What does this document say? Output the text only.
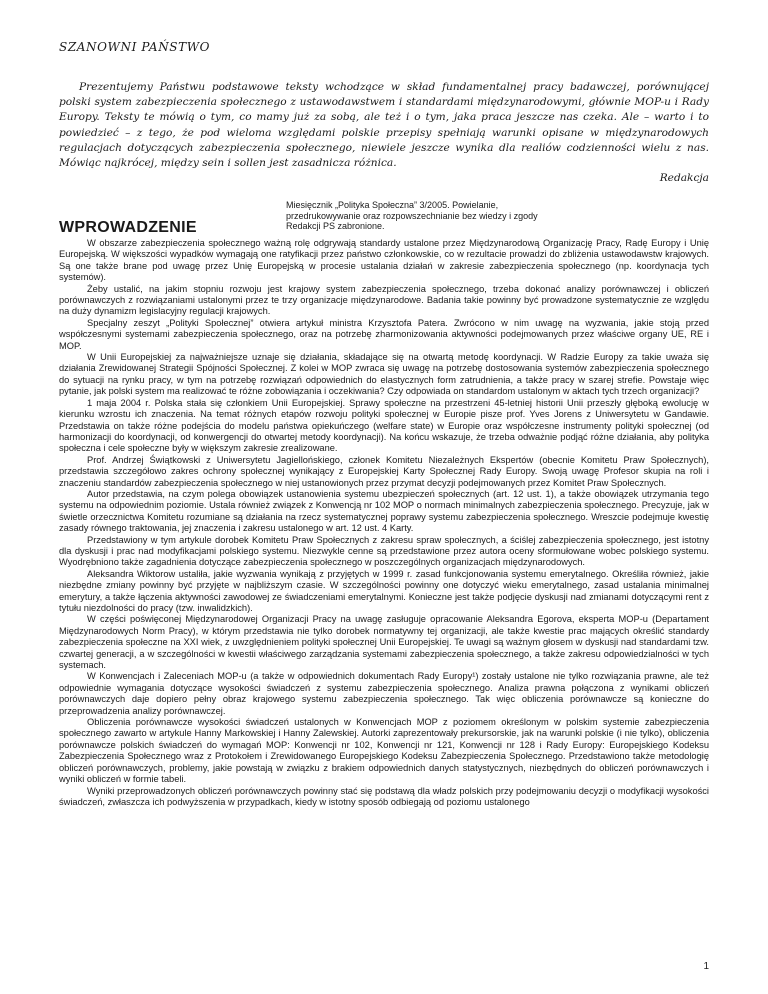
SZANOWNI PAŃSTWO

Prezentujemy Państwu podstawowe teksty wchodzące w skład fundamentalnej pracy badawczej, porównującej polski system zabezpieczenia społecznego z ustawodawstwem i standardami międzynarodowymi, głównie MOP-u i Rady Europy. Teksty te mówią o tym, co mamy już za sobą, ale też i o tym, jaka praca jeszcze nas czeka. Ale – warto i to powiedzieć – z tego, że pod wieloma względami polskie przepisy spełniają warunki opisane w międzynarodowych regulacjach dotyczących zabezpieczenia społecznego, niewiele jeszcze wynika dla realiów codzienności wielu z nas. Mówiąc najkrócej, między sein i sollen jest zasadnicza różnica.

Redakcja
Miesięcznik „Polityka Społeczna” 3/2005. Powielanie, przedrukowywanie oraz rozpowszechnianie bez wiedzy i zgody Redakcji PS zabronione.
WPROWADZENIE

W obszarze zabezpieczenia społecznego ważną rolę odgrywają standardy ustalone przez Międzynarodową Organizację Pracy, Radę Europy i Unię Europejską. W większości wypadków wymagają one ratyfikacji przez państwo członkowskie, co w rezultacie prowadzi do zbliżenia ustawodawstw krajowych. Są one także brane pod uwagę przez Unię Europejską w procesie ustalania działań w zakresie zabezpieczenia społecznego (np. koordynacja tych systemów).

Żeby ustalić, na jakim stopniu rozwoju jest krajowy system zabezpieczenia społecznego, trzeba dokonać analizy porównawczej i obliczeń porównawczych z rozwiązaniami ustalonymi przez te trzy organizacje międzynarodowe. Badania takie powinny być prowadzone systematycznie ze względu na duży dynamizm legislacyjny regulacji krajowych.

Specjalny zeszyt „Polityki Społecznej” otwiera artykuł ministra Krzysztofa Patera. Zwrócono w nim uwagę na wyzwania, jakie stoją przed współczesnymi systemami zabezpieczenia społecznego, oraz na potrzebę zharmonizowania aktywności podejmowanych przez właściwe organy UE, RE i MOP.

W Unii Europejskiej za najważniejsze uznaje się działania, składające się na otwartą metodę koordynacji. W Radzie Europy za takie uważa się działania Zrewidowanej Strategii Spójności Społecznej. Z kolei w MOP zwraca się uwagę na potrzebę dostosowania systemów zabezpieczenia społecznego do sytuacji na rynku pracy, w tym na potrzebę rozwiązań odpowiednich do elastycznych form zatrudnienia, a także pracy w szarej strefie. Powstaje więc pytanie, jak polski system ma realizować te różne zobowiązania i oczekiwania? Czy odpowiada on standardom ustalonym w aktach tych trzech organizacji?

1 maja 2004 r. Polska stała się członkiem Unii Europejskiej. Sprawy społeczne na przestrzeni 45-letniej historii Unii przeszły głęboką ewolucję w kierunku wzrostu ich znaczenia. Na temat różnych etapów rozwoju polityki społecznej w Europie pisze prof. Yves Jorens z Uniwersytetu w Gandawie. Przedstawia on także różne podejścia do modelu państwa opiekuńczego (welfare state) w Europie oraz współczesne instrumenty polityki społecznej (od harmonizacji do koordynacji, od konwergencji do otwartej metody koordynacji). Na końcu wskazuje, że trzeba odważnie podjąć różne działania, aby polityka społeczna i cele społeczne były w większym zakresie zrealizowane.

Prof. Andrzej Świątkowski z Uniwersytetu Jagiellońskiego, członek Komitetu Niezależnych Ekspertów (obecnie Komitetu Praw Społecznych), przedstawia szczegółowo zakres ochrony społecznej wynikający z Europejskiej Karty Społecznej Rady Europy. Swoją uwagę Profesor skupia na roli i znaczeniu standardów zabezpieczenia społecznego w niej ustanowionych przez przymat decyzji podejmowanych przez Komitet Praw Społecznych.

Autor przedstawia, na czym polega obowiązek ustanowienia systemu ubezpieczeń społecznych (art. 12 ust. 1), a także obowiązek utrzymania tego systemu na odpowiednim poziomie. Ustala również związek z Konwencją nr 102 MOP o normach minimalnych zabezpieczenia społecznego. Precyzuje, jak w świetle orzecznictwa Komitetu rozumiane są działania na rzecz systematycznej poprawy systemu zabezpieczenia społecznego. Wreszcie podejmuje kwestię zasady równego traktowania, jej znaczenia i zakresu ustalonego w art. 12 ust. 4 Karty.

Przedstawiony w tym artykule dorobek Komitetu Praw Społecznych z zakresu spraw społecznych, a ściślej zabezpieczenia społecznego, jest istotny dla dyskusji i prac nad modyfikacjami polskiego systemu. Niezwykle cenne są przedstawione przez autora oceny sformułowane wobec polskiego systemu. Wyodrębniono także zagadnienia dotyczące zabezpieczenia społecznego w poszczególnych organizacjach międzynarodowych.

Aleksandra Wiktorow ustaliła, jakie wyzwania wynikają z przyjętych w 1999 r. zasad funkcjonowania systemu emerytalnego. Określiła również, jakie niezbędne zmiany powinny być przyjęte w najbliższym czasie. W szczególności powinny one dotyczyć wieku emerytalnego, zasad ustalania minimalnej emerytury, a także łączenia aktywności zawodowej ze świadczeniami emerytalnymi. Konieczne jest także podjęcie dyskusji nad zmianami dotyczącymi rent z tytułu niezdolności do pracy (tzw. inwalidzkich).

W części poświęconej Międzynarodowej Organizacji Pracy na uwagę zasługuje opracowanie Aleksandra Egorova, eksperta MOP-u (Departament Międzynarodowych Norm Pracy), w którym przedstawia nie tylko dorobek normatywny tej organizacji, ale także kwestie prac mających określić standardy zabezpieczenia społeczne na XXI wiek, z uwzględnieniem polityki społecznej Unii Europejskiej. Te uwagi są ważnym głosem w dyskusji nad standardami tzw. czwartej generacji, a w szczególności w kwestii właściwego zarządzania systemami zabezpieczenia społecznego, a także zakresu odpowiedzialności w tych systemach.

W Konwencjach i Zaleceniach MOP-u (a także w odpowiednich dokumentach Rady Europy¹) zostały ustalone nie tylko rozwiązania prawne, ale też odpowiednie wymagania dotyczące wysokości świadczeń z systemu zabezpieczenia społecznego. Analiza prawna połączona z wynikami obliczeń porównawczych daje dopiero pełny obraz krajowego systemu zabezpieczenia społecznego. Tak więc obliczenia porównawcze są konieczne do przeprowadzenia analizy porównawczej.

Obliczenia porównawcze wysokości świadczeń ustalonych w Konwencjach MOP z poziomem określonym w polskim systemie zabezpieczenia społecznego zawarto w artykule Hanny Markowskiej i Hanny Zalewskiej. Autorki zaprezentowały prekursorskie, jak na warunki polskie (i nie tylko), obliczenia porównawcze polskich świadczeń do wymagań MOP: Konwencji nr 102, Konwencji nr 121, Konwencji nr 128 i Rady Europy: Europejskiego Kodeksu Zabezpieczenia Społecznego wraz z Protokołem i Zrewidowanego Europejskiego Kodeksu Zabezpieczenia Społecznego. Przedstawiono także metodologię obliczeń porównawczych, problemy, jakie powstają w związku z brakiem odpowiednich danych statystycznych, niezbędnych do obliczeń porównawczych i wyniki obliczeń w formie tabeli.

Wyniki przeprowadzonych obliczeń porównawczych powinny stać się podstawą dla władz polskich przy podejmowaniu decyzji o modyfikacji wysokości świadczeń, zwłaszcza ich podwyższenia w przypadkach, kiedy w istotny sposób odbiegają od poziomu ustalonego

1
